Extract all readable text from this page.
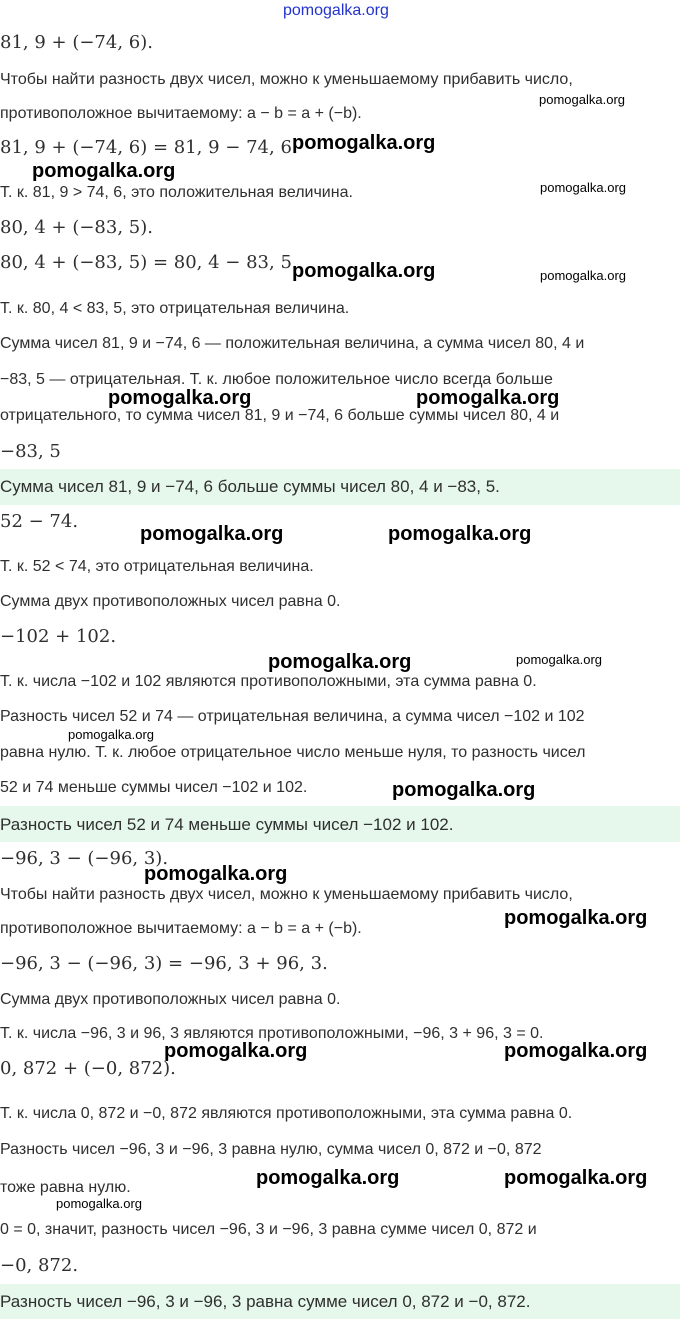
81, 9 + (−74, 6).
Чтобы найти разность двух чисел, можно к уменьшаемому прибавить число,
противоположное вычитаемому: a − b = a + (−b).
81, 9 + (−74, 6) = 81, 9 − 74, 6.
Т. к. 81, 9 > 74, 6, это положительная величина.
80, 4 + (−83, 5).
80, 4 + (−83, 5) = 80, 4 − 83, 5.
Т. к. 80, 4 < 83, 5, это отрицательная величина.
Сумма чисел 81, 9 и −74, 6 — положительная величина, а сумма чисел 80, 4 и
−83, 5 — отрицательная. Т. к. любое положительное число всегда больше
отрицательного, то сумма чисел 81, 9 и −74, 6 больше суммы чисел 80, 4 и
−83, 5
Сумма чисел 81, 9 и −74, 6 больше суммы чисел 80, 4 и −83, 5.
52 − 74.
Т. к. 52 < 74, это отрицательная величина.
Сумма двух противоположных чисел равна 0.
−102 + 102.
Т. к. числа −102 и 102 являются противоположными, эта сумма равна 0.
Разность чисел 52 и 74 — отрицательная величина, а сумма чисел −102 и 102
равна нулю. Т. к. любое отрицательное число меньше нуля, то разность чисел
52 и 74 меньше суммы чисел −102 и 102.
Разность чисел 52 и 74 меньше суммы чисел −102 и 102.
−96, 3 − (−96, 3).
Чтобы найти разность двух чисел, можно к уменьшаемому прибавить число,
противоположное вычитаемому: a − b = a + (−b).
−96, 3 − (−96, 3) = −96, 3 + 96, 3.
Сумма двух противоположных чисел равна 0.
Т. к. числа −96, 3 и 96, 3 являются противоположными, −96, 3 + 96, 3 = 0.
0, 872 + (−0, 872).
Т. к. числа 0, 872 и −0, 872 являются противоположными, эта сумма равна 0.
Разность чисел −96, 3 и −96, 3 равна нулю, сумма чисел 0, 872 и −0, 872
тоже равна нулю.
0 = 0, значит, разность чисел −96, 3 и −96, 3 равна сумме чисел 0, 872 и
−0, 872.
Разность чисел −96, 3 и −96, 3 равна сумме чисел 0, 872 и −0, 872.
pomogalka.org
pomogalka.org
pomogalka.org
pomogalka.org
pomogalka.org
pomogalka.org	pomogalka.org
pomogalka.org	pomogalka.org
pomogalka.org	pomogalka.org
pomogalka.org	pomogalka.org
pomogalka.org
pomogalka.org
pomogalka.org
pomogalka.org
pomogalka.org	pomogalka.org
pomogalka.org	pomogalka.org
pomogalka.org
